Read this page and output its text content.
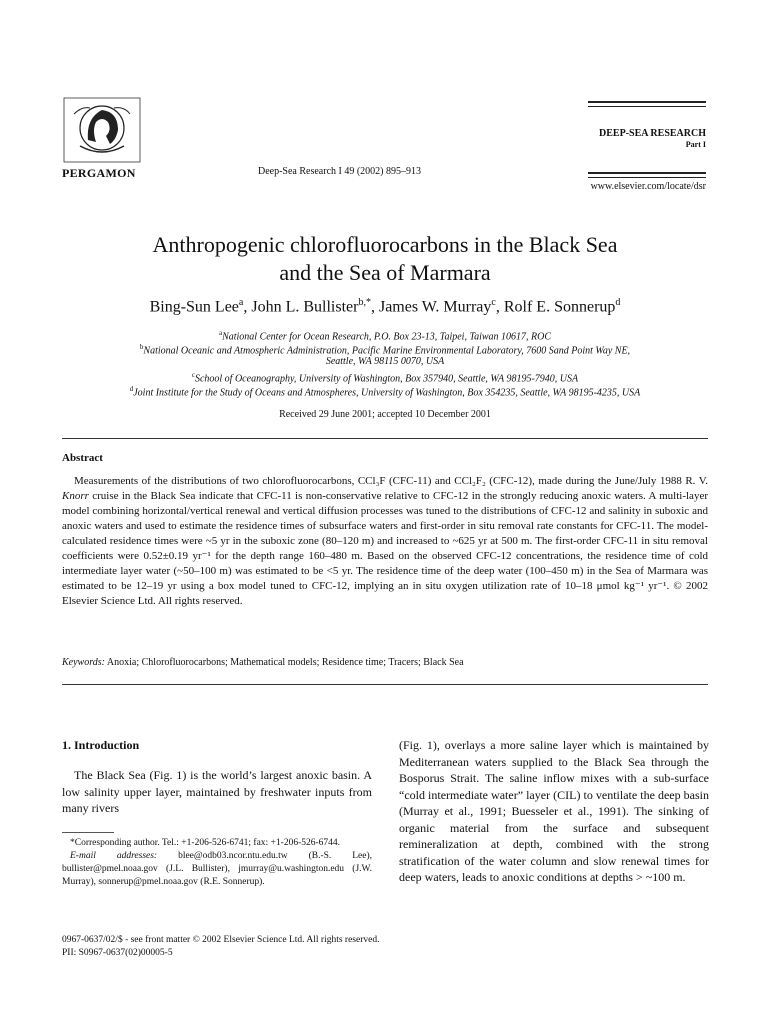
PERGAMON	Deep-Sea Research I 49 (2002) 895–913
DEEP-SEA RESEARCH
Part I
www.elsevier.com/locate/dsr
Anthropogenic chlorofluorocarbons in the Black Sea
and the Sea of Marmara
Bing-Sun Lee$^a$, John L. Bullister$^{b,*}$, James W. Murray$^c$, Rolf E. Sonnerup$^d$
$^a$National Center for Ocean Research, P.O. Box 23-13, Taipei, Taiwan 10617, ROC
$^b$National Oceanic and Atmospheric Administration, Pacific Marine Environmental Laboratory, 7600 Sand Point Way NE,
Seattle, WA 98115 0070, USA
$^c$School of Oceanography, University of Washington, Box 357940, Seattle, WA 98195-7940, USA
$^d$Joint Institute for the Study of Oceans and Atmospheres, University of Washington, Box 354235, Seattle, WA 98195-4235, USA
Received 29 June 2001; accepted 10 December 2001
Abstract
Measurements of the distributions of two chlorofluorocarbons, CCl₃F (CFC-11) and CCl₂F₂ (CFC-12), made during the June/July 1988 R. V. Knorr cruise in the Black Sea indicate that CFC-11 is non-conservative relative to CFC-12 in the strongly reducing anoxic waters. A multi-layer model combining horizontal/vertical renewal and vertical diffusion processes was tuned to the distributions of CFC-12 and salinity in suboxic and anoxic waters and used to estimate the residence times of subsurface waters and first-order in situ removal rate constants for CFC-11. The model-calculated residence times were ~5 yr in the suboxic zone (80–120 m) and increased to ~625 yr at 500 m. The first-order CFC-11 in situ removal coefficients were 0.52±0.19 yr⁻¹ for the depth range 160–480 m. Based on the observed CFC-12 concentrations, the residence time of cold intermediate layer water (~50–100 m) was estimated to be <5 yr. The residence time of the deep water (100–450 m) in the Sea of Marmara was estimated to be 12–19 yr using a box model tuned to CFC-12, implying an in situ oxygen utilization rate of 10–18 μmol kg⁻¹ yr⁻¹. © 2002 Elsevier Science Ltd. All rights reserved.
Keywords: Anoxia; Chlorofluorocarbons; Mathematical models; Residence time; Tracers; Black Sea
1. Introduction
The Black Sea (Fig. 1) is the world’s largest anoxic basin. A low salinity upper layer, maintained by freshwater inputs from many rivers
(Fig. 1), overlays a more saline layer which is maintained by Mediterranean waters supplied to the Black Sea through the Bosporus Strait. The saline inflow mixes with a sub-surface “cold intermediate water” layer (CIL) to ventilate the deep basin (Murray et al., 1991; Buesseler et al., 1991). The sinking of organic material from the surface and subsequent remineralization at depth, combined with the strong stratification of the water column and slow renewal times for deep waters, leads to anoxic conditions at depths > ~100 m.

*Corresponding author. Tel.: +1-206-526-6741; fax: +1-206-526-6744.

E-mail addresses: blee@odb03.ncor.ntu.edu.tw (B.-S. Lee), bullister@pmel.noaa.gov (J.L. Bullister), jmurray@u.washington.edu (J.W. Murray), sonnerup@pmel.noaa.gov (R.E. Sonnerup).

0967-0637/02/$ - see front matter © 2002 Elsevier Science Ltd. All rights reserved.
PII: S0967-0637(02)00005-5
